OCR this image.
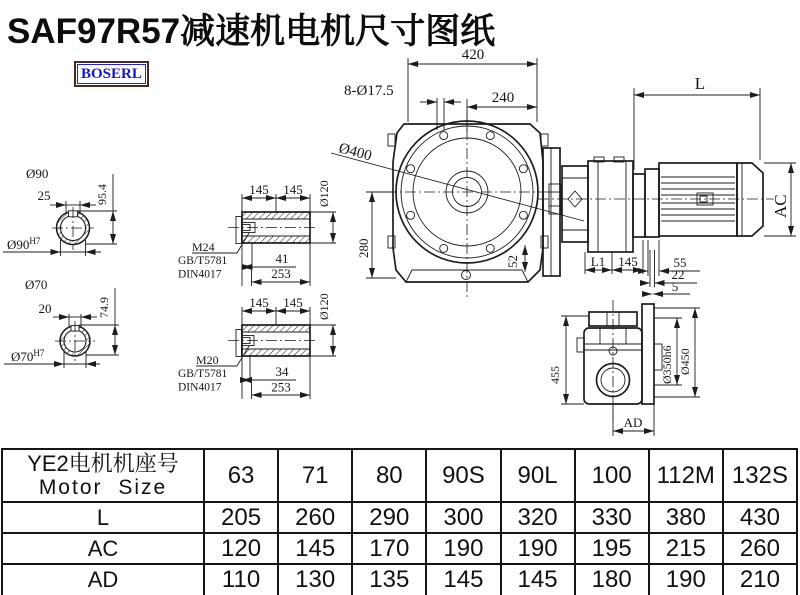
SAF97R57减速机电机尺寸图纸
BOSERL
Ø400
280
52
420
240
8-Ø17.5	L
AC
L1 145	55
22
5
Ø350h6 Ø450
455
AD
Ø90
25	95.4
$Ø90^{H7}$
Ø70
20	74.9
$Ø70^{H7}$
145 145 Ø120
M24
GB/T5781
DIN4017
41
253
145 145 Ø120
M20
GB/T5781
DIN4017
34
253
YE2电机机座号
Motor Size	63	71	80	90S	90L	100	112M	132S
L	205	260	290	300	320	330	380	430
AC	120	145	170	190	190	195	215	260
AD	110	130	135	145	145	180	190	210
